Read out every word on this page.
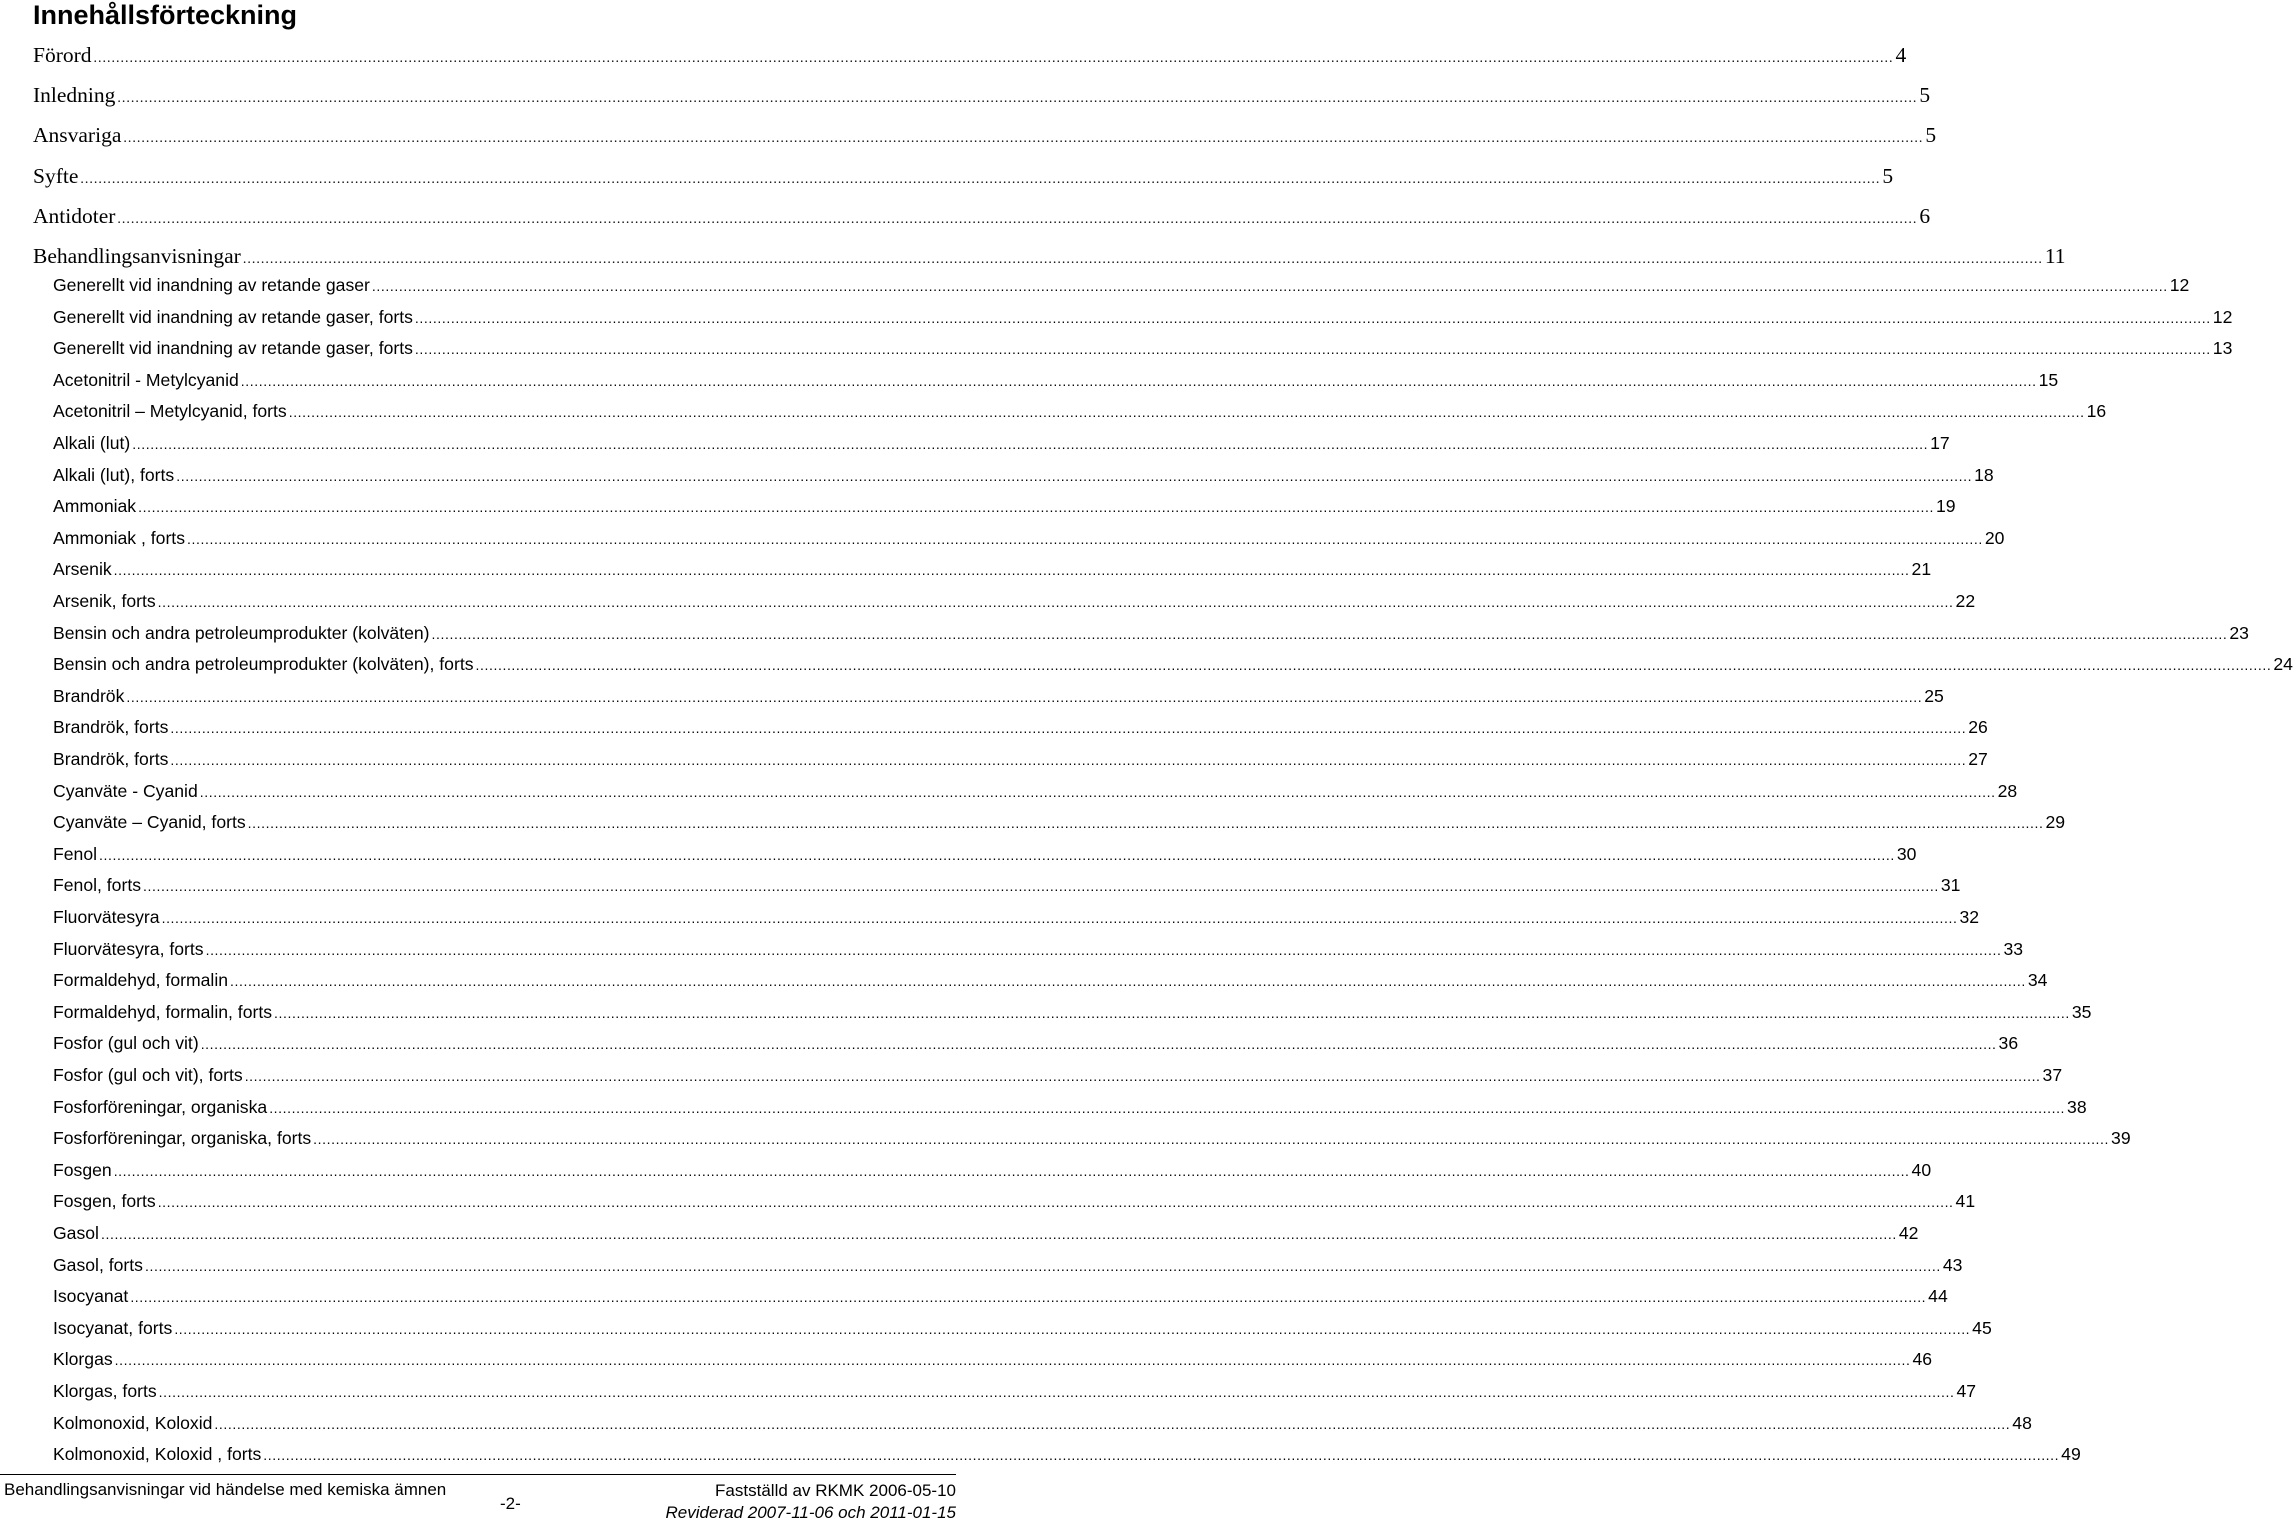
Innehållsförteckning
Förord ................................................................................................................................................................................................................................................................................................................................................................................................................ 4
Inledning ................................................................................................................................................................................................................................................................................................................................................................................................................ 5
Ansvariga ................................................................................................................................................................................................................................................................................................................................................................................................................ 5
Syfte ................................................................................................................................................................................................................................................................................................................................................................................................................ 5
Antidoter ................................................................................................................................................................................................................................................................................................................................................................................................................ 6
Behandlingsanvisningar ................................................................................................................................................................................................................................................................................................................................................................................................................ 11
Generellt vid inandning av retande gaser ................................................................................................................................................................................................................................................................................................................................................................................................................ 12
Generellt vid inandning av retande gaser, forts ................................................................................................................................................................................................................................................................................................................................................................................................................ 12
Generellt vid inandning av retande gaser, forts ................................................................................................................................................................................................................................................................................................................................................................................................................ 13
Acetonitril - Metylcyanid ................................................................................................................................................................................................................................................................................................................................................................................................................ 15
Acetonitril – Metylcyanid, forts ................................................................................................................................................................................................................................................................................................................................................................................................................ 16
Alkali (lut) ................................................................................................................................................................................................................................................................................................................................................................................................................ 17
Alkali (lut), forts ................................................................................................................................................................................................................................................................................................................................................................................................................ 18
Ammoniak ................................................................................................................................................................................................................................................................................................................................................................................................................ 19
Ammoniak , forts ................................................................................................................................................................................................................................................................................................................................................................................................................ 20
Arsenik ................................................................................................................................................................................................................................................................................................................................................................................................................ 21
Arsenik, forts ................................................................................................................................................................................................................................................................................................................................................................................................................ 22
Bensin och andra petroleumprodukter (kolväten) ................................................................................................................................................................................................................................................................................................................................................................................................................ 23
Bensin och andra petroleumprodukter (kolväten), forts ................................................................................................................................................................................................................................................................................................................................................................................................................ 24
Brandrök ................................................................................................................................................................................................................................................................................................................................................................................................................ 25
Brandrök, forts ................................................................................................................................................................................................................................................................................................................................................................................................................ 26
Brandrök, forts ................................................................................................................................................................................................................................................................................................................................................................................................................ 27
Cyanväte - Cyanid ................................................................................................................................................................................................................................................................................................................................................................................................................ 28
Cyanväte – Cyanid, forts ................................................................................................................................................................................................................................................................................................................................................................................................................ 29
Fenol ................................................................................................................................................................................................................................................................................................................................................................................................................ 30
Fenol, forts ................................................................................................................................................................................................................................................................................................................................................................................................................ 31
Fluorvätesyra ................................................................................................................................................................................................................................................................................................................................................................................................................ 32
Fluorvätesyra, forts ................................................................................................................................................................................................................................................................................................................................................................................................................ 33
Formaldehyd, formalin ................................................................................................................................................................................................................................................................................................................................................................................................................ 34
Formaldehyd, formalin, forts ................................................................................................................................................................................................................................................................................................................................................................................................................ 35
Fosfor (gul och vit) ................................................................................................................................................................................................................................................................................................................................................................................................................ 36
Fosfor (gul och vit), forts ................................................................................................................................................................................................................................................................................................................................................................................................................ 37
Fosforföreningar, organiska ................................................................................................................................................................................................................................................................................................................................................................................................................ 38
Fosforföreningar, organiska, forts ................................................................................................................................................................................................................................................................................................................................................................................................................ 39
Fosgen ................................................................................................................................................................................................................................................................................................................................................................................................................ 40
Fosgen, forts ................................................................................................................................................................................................................................................................................................................................................................................................................ 41
Gasol ................................................................................................................................................................................................................................................................................................................................................................................................................ 42
Gasol, forts ................................................................................................................................................................................................................................................................................................................................................................................................................ 43
Isocyanat ................................................................................................................................................................................................................................................................................................................................................................................................................ 44
Isocyanat, forts ................................................................................................................................................................................................................................................................................................................................................................................................................ 45
Klorgas ................................................................................................................................................................................................................................................................................................................................................................................................................ 46
Klorgas, forts ................................................................................................................................................................................................................................................................................................................................................................................................................ 47
Kolmonoxid, Koloxid ................................................................................................................................................................................................................................................................................................................................................................................................................ 48
Kolmonoxid, Koloxid , forts ................................................................................................................................................................................................................................................................................................................................................................................................................ 49
Behandlingsanvisningar vid händelse med kemiska ämnen
-2-
Fastställd av RKMK 2006-05-10
Reviderad 2007-11-06 och 2011-01-15
